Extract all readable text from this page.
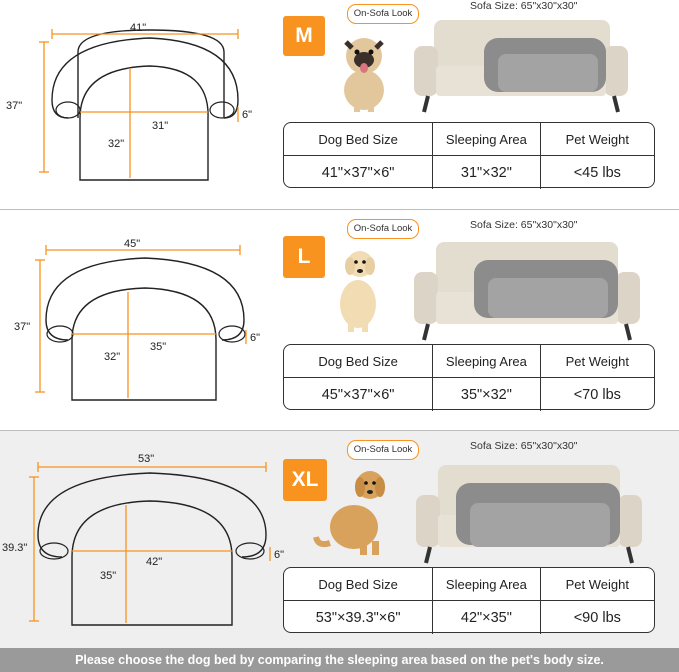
41"
37"
6"
31"
32"
M
On-Sofa Look
Sofa Size: 65"x30"x30"
Dog Bed Size	Sleeping Area	Pet Weight
41"×37"×6"	31"×32"	<45 lbs
45"
37"
6"
35"
32"
L
On-Sofa Look	Sofa Size: 65"x30"x30"
Dog Bed Size	Sleeping Area	Pet Weight
45"×37"×6"	35"×32"	<70 lbs
53"
39.3"
6"
42"
35"
XL
On-Sofa Look	Sofa Size: 65"x30"x30"
Dog Bed Size	Sleeping Area	Pet Weight
53"×39.3"×6"	42"×35"	<90 lbs
Please choose the dog bed by comparing the sleeping area based on the pet's body size.
